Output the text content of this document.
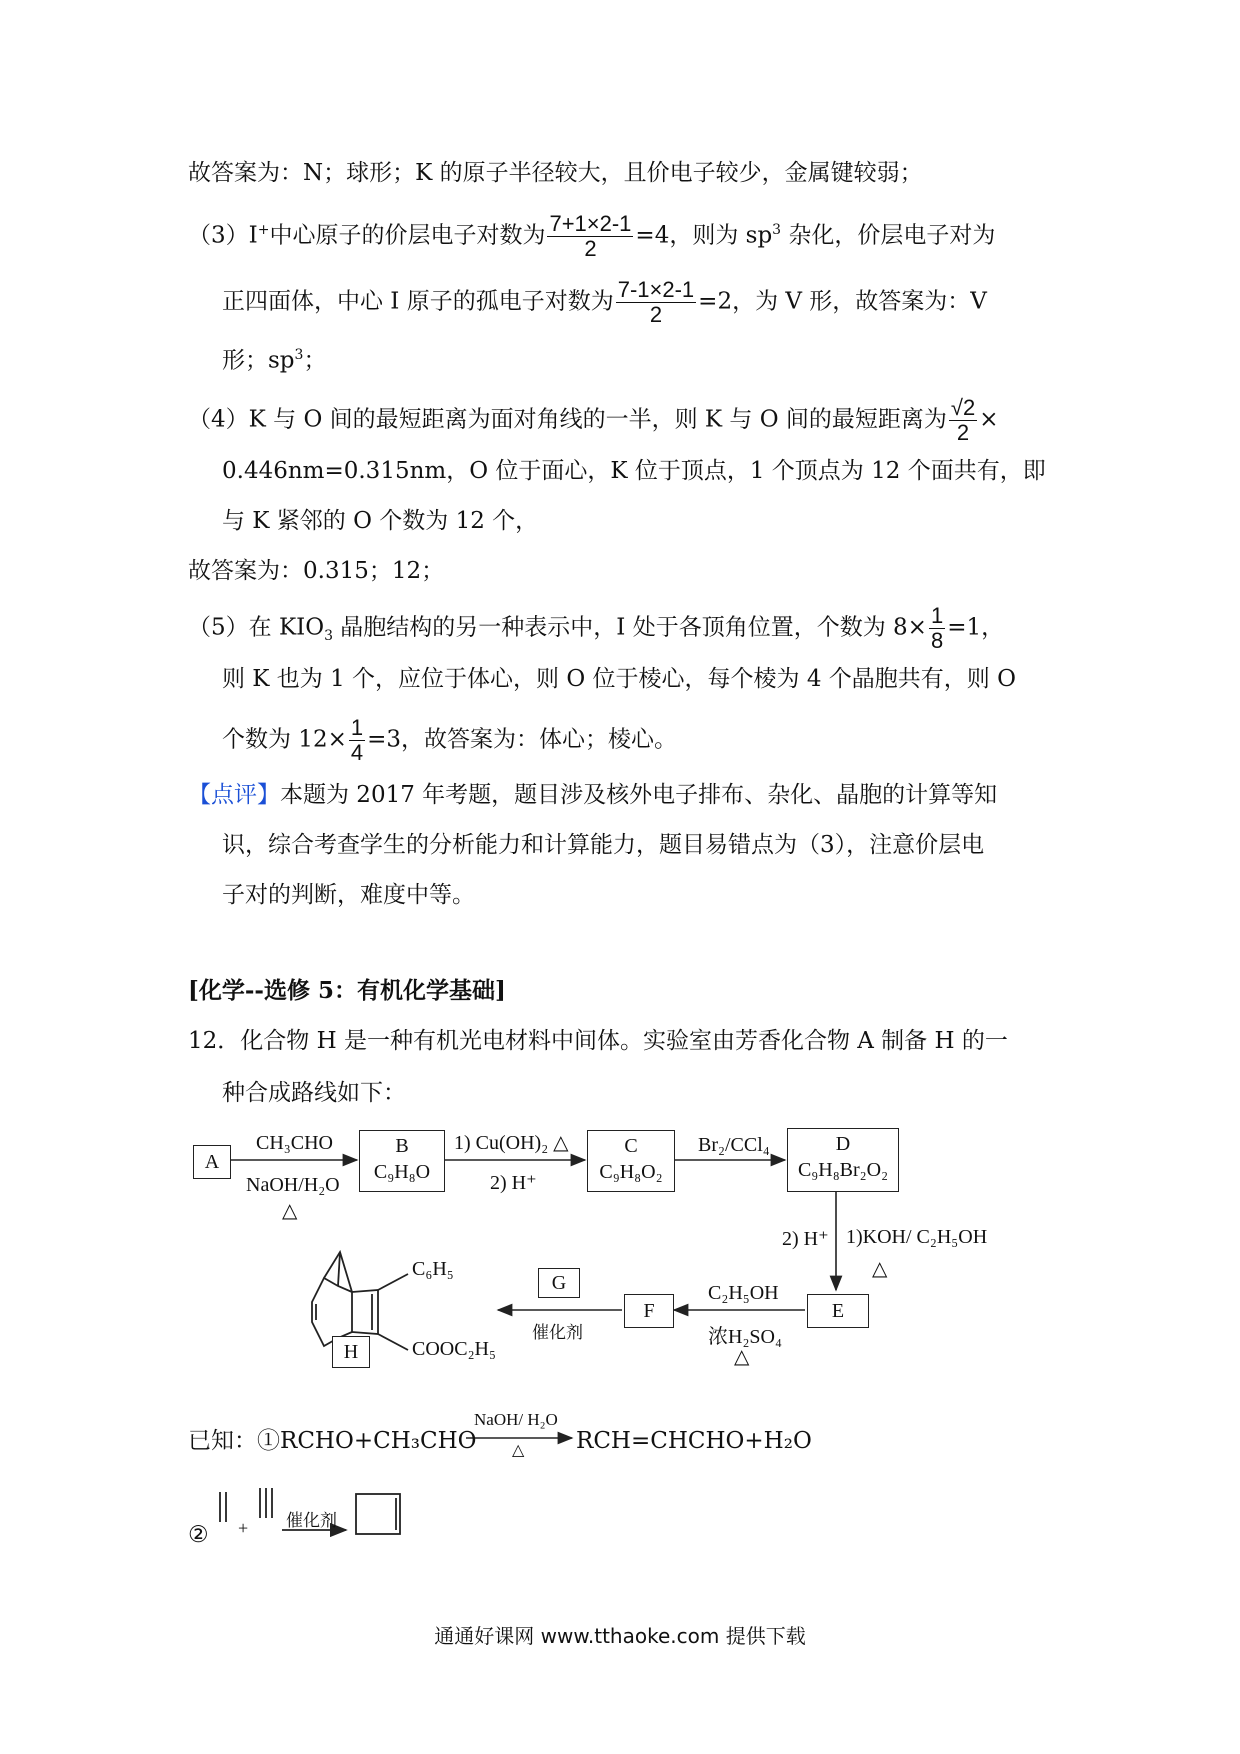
故答案为：N；球形；K 的原子半径较大，且价电子较少，金属键较弱；
（3）I+中心原子的价层电子对数为 $\frac{7+1\times 2-1}{2} =4$，则为 $sp^3$ 杂化，价层电子对为
正四面体，中心 I 原子的孤电子对数为 $\frac{7-1\times 2-1}{2} =2$，为 V 形，故答案为：V
形；$sp^3$；
（4）K 与 O 间的最短距离为面对角线的一半，则 K 与 O 间的最短距离为 $\frac{√2}{2}$ ×
0.446nm=0.315nm，O 位于面心，K 位于顶点，1 个顶点为 12 个面共有，即
与 K 紧邻的 O 个数为 12 个，
故答案为：0.315；12；
（5）在 $KIO_3$ 晶胞结构的另一种表示中，I 处于各顶角位置，个数为 $8\times \frac{1}{8} =1$，
则 K 也为 1 个，应位于体心，则 O 位于棱心，每个棱为 4 个晶胞共有，则 O
个数为 $12\times \frac{1}{4} =3$，故答案为：体心；棱心。
【点评】本题为 2017 年考题，题目涉及核外电子排布、杂化、晶胞的计算等知
识，综合考查学生的分析能力和计算能力，题目易错点为（3），注意价层电
子对的判断，难度中等。
[化学--选修 5：有机化学基础]
12．化合物 H 是一种有机光电材料中间体。实验室由芳香化合物 A 制备 H 的一
种合成路线如下：
A
B
C₉H₈O
C
C₉H₈O₂
D
C₉H₈Br₂O₂
E
F
G
H
CH₃CHO
NaOH/H₂O
△
1) Cu(OH)₂ △
2) H⁺
Br₂/CCl₄
2) H⁺ 1)KOH/ C₂H₅OH
△
C₂H₅OH
浓H₂SO₄
△
催化剂
C₆H₅
COOC₂H₅
已知：①RCHO+CH₃CHO
NaOH/ H₂O
△ RCH=CHCHO+H₂O
② + 催化剂
通通好课网 www.tthaoke.com 提供下载
